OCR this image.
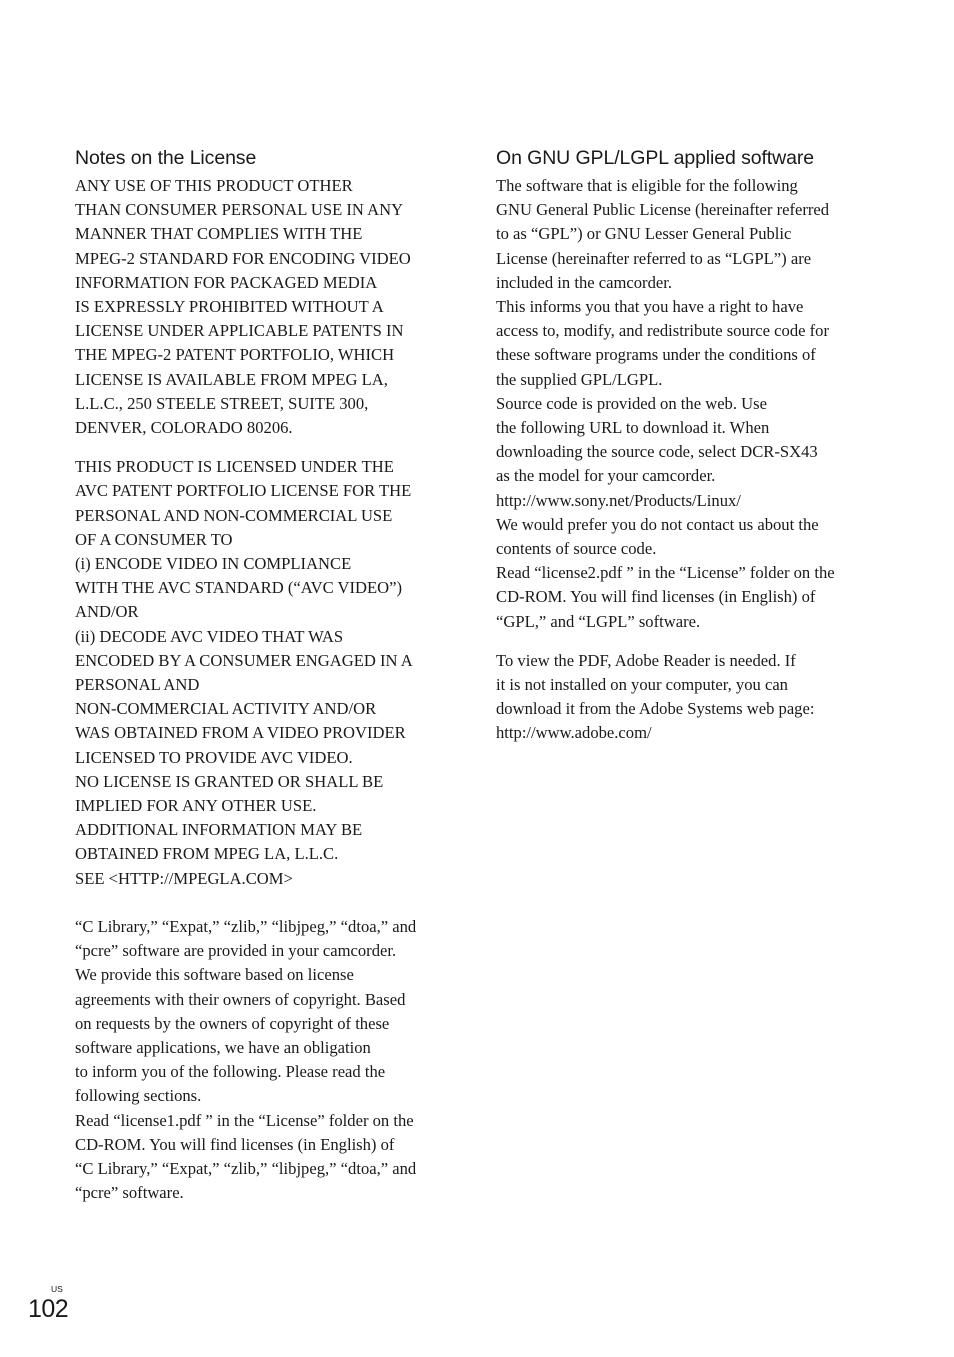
Notes on the License
ANY USE OF THIS PRODUCT OTHER
THAN CONSUMER PERSONAL USE IN ANY
MANNER THAT COMPLIES WITH THE
MPEG-2 STANDARD FOR ENCODING VIDEO
INFORMATION FOR PACKAGED MEDIA
IS EXPRESSLY PROHIBITED WITHOUT A
LICENSE UNDER APPLICABLE PATENTS IN
THE MPEG-2 PATENT PORTFOLIO, WHICH
LICENSE IS AVAILABLE FROM MPEG LA,
L.L.C., 250 STEELE STREET, SUITE 300,
DENVER, COLORADO 80206.
THIS PRODUCT IS LICENSED UNDER THE
AVC PATENT PORTFOLIO LICENSE FOR THE
PERSONAL AND NON-COMMERCIAL USE
OF A CONSUMER TO
(i) ENCODE VIDEO IN COMPLIANCE
WITH THE AVC STANDARD (“AVC VIDEO”)
AND/OR
(ii) DECODE AVC VIDEO THAT WAS
ENCODED BY A CONSUMER ENGAGED IN A
PERSONAL AND
NON-COMMERCIAL ACTIVITY AND/OR
WAS OBTAINED FROM A VIDEO PROVIDER
LICENSED TO PROVIDE AVC VIDEO.
NO LICENSE IS GRANTED OR SHALL BE
IMPLIED FOR ANY OTHER USE.
ADDITIONAL INFORMATION MAY BE
OBTAINED FROM MPEG LA, L.L.C.
SEE <HTTP://MPEGLA.COM>
“C Library,” “Expat,” “zlib,” “libjpeg,” “dtoa,” and
“pcre” software are provided in your camcorder.
We provide this software based on license
agreements with their owners of copyright. Based
on requests by the owners of copyright of these
software applications, we have an obligation
to inform you of the following. Please read the
following sections.
Read “license1.pdf ” in the “License” folder on the
CD-ROM. You will find licenses (in English) of
“C Library,” “Expat,” “zlib,” “libjpeg,” “dtoa,” and
“pcre” software.
On GNU GPL/LGPL applied software
The software that is eligible for the following
GNU General Public License (hereinafter referred
to as “GPL”) or GNU Lesser General Public
License (hereinafter referred to as “LGPL”) are
included in the camcorder.
This informs you that you have a right to have
access to, modify, and redistribute source code for
these software programs under the conditions of
the supplied GPL/LGPL.
Source code is provided on the web. Use
the following URL to download it. When
downloading the source code, select DCR-SX43
as the model for your camcorder.
http://www.sony.net/Products/Linux/
We would prefer you do not contact us about the
contents of source code.
Read “license2.pdf ” in the “License” folder on the
CD-ROM. You will find licenses (in English) of
“GPL,” and “LGPL” software.
To view the PDF, Adobe Reader is needed. If
it is not installed on your computer, you can
download it from the Adobe Systems web page:
http://www.adobe.com/
US
102
